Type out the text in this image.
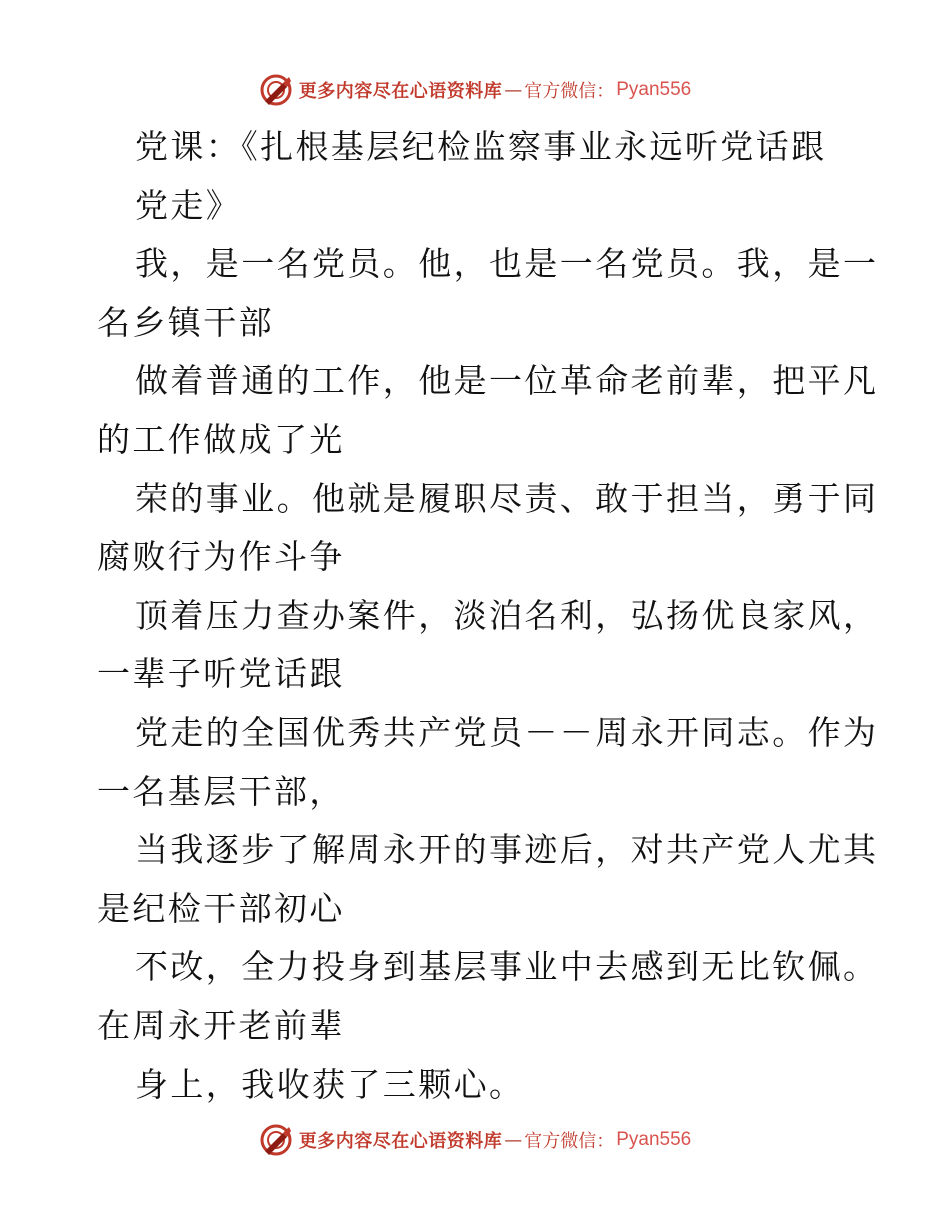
更多内容尽在心语资料库 — 官方微信： Pyan556
党课：《扎根基层纪检监察事业永远听党话跟
党走》
我，是一名党员。他，也是一名党员。我，是一
名乡镇干部
做着普通的工作，他是一位革命老前辈，把平凡
的工作做成了光
荣的事业。他就是履职尽责、敢于担当，勇于同
腐败行为作斗争
顶着压力查办案件，淡泊名利，弘扬优良家风，
一辈子听党话跟
党走的全国优秀共产党员－－周永开同志。作为
一名基层干部，
当我逐步了解周永开的事迹后，对共产党人尤其
是纪检干部初心
不改，全力投身到基层事业中去感到无比钦佩。
在周永开老前辈
身上，我收获了三颗心。
更多内容尽在心语资料库 — 官方微信： Pyan556
